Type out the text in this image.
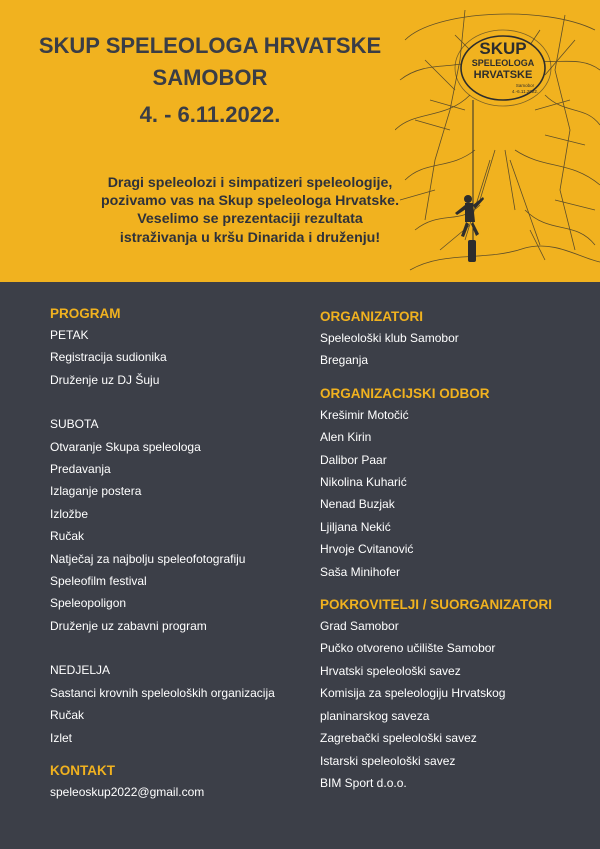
SKUP SPELEOLOGA HRVATSKE
SAMOBOR
4. - 6.11.2022.
Dragi speleolozi i simpatizeri speleologije,
pozivamo vas na Skup speleologa Hrvatske.
Veselimo se prezentaciji rezultata
istraživanja u kršu Dinarida i druženju!
SKUP
SPELEOLOGA
HRVATSKE
Samobor
4.-6.11.2022.
PROGRAM
PETAK
Registracija sudionika
Druženje uz DJ Šuju
SUBOTA
Otvaranje Skupa speleologa
Predavanja
Izlaganje postera
Izložbe
Ručak
Natječaj za najbolju speleofotografiju
Speleofilm festival
Speleopoligon
Druženje uz zabavni program
NEDJELJA
Sastanci krovnih speleoloških organizacija
Ručak
Izlet
KONTAKT
speleoskup2022@gmail.com
ORGANIZATORI
Speleološki klub Samobor
Breganja
ORGANIZACIJSKI ODBOR
Krešimir Motočić
Alen Kirin
Dalibor Paar
Nikolina Kuharić
Nenad Buzjak
Ljiljana Nekić
Hrvoje Cvitanović
Saša Minihofer
POKROVITELJI / SUORGANIZATORI
Grad Samobor
Pučko otvoreno učilište Samobor
Hrvatski speleološki savez
Komisija za speleologiju Hrvatskog
planinarskog saveza
Zagrebački speleološki savez
Istarski speleološki savez
BIM Sport d.o.o.
